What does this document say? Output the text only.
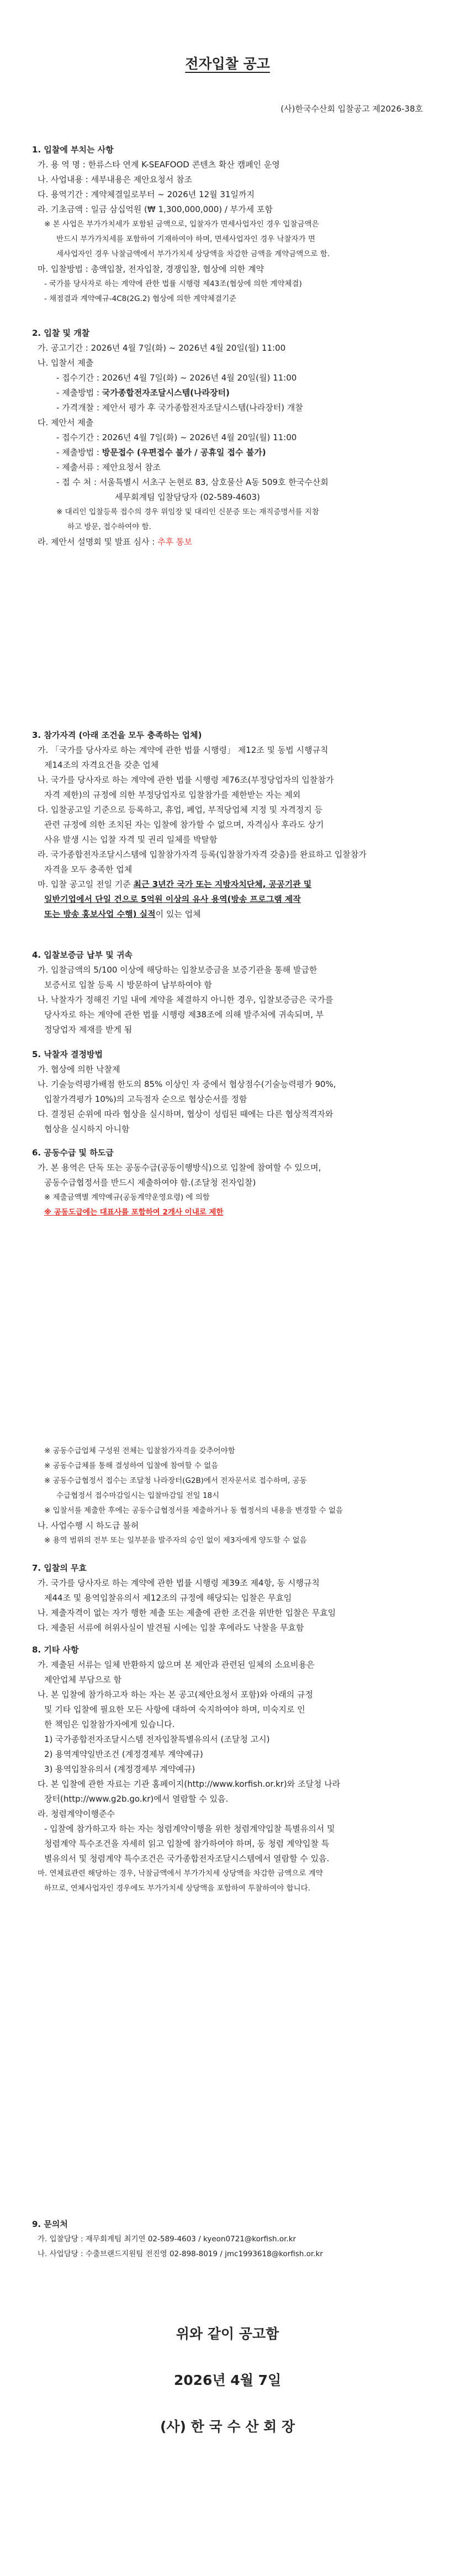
전자입찰 공고
(사)한국수산회 입찰공고 제2026-38호
1. 입찰에 부치는 사항
가. 용 역 명 : 한류스타 연계 K-SEAFOOD 콘텐츠 확산 캠페인 운영
나. 사업내용 : 세부내용은 제안요청서 참조
다. 용역기간 : 계약체결일로부터 ~ 2026년 12월 31일까지
라. 기초금액 : 일금 삼십억원 (₩ 1,300,000,000) / 부가세 포함
※ 본 사업은 부가가치세가 포함된 금액으로, 입찰자가 면세사업자인 경우 입찰금액은
반드시 부가가치세를 포함하여 기재하여야 하며, 면세사업자인 경우 낙찰자가 면
세사업자인 경우 낙찰금액에서 부가가치세 상당액을 차감한 금액을 계약금액으로 함.
마. 입찰방법 : 총액입찰, 전자입찰, 경쟁입찰, 협상에 의한 계약
- 국가를 당사자로 하는 계약에 관한 법률 시행령 제43조(협상에 의한 계약체결)
- 채점결과 계약예규-4C8(2G.2) 협상에 의한 계약체결기준
2. 입찰 및 개찰
가. 공고기간 : 2026년 4월 7일(화) ~ 2026년 4월 20일(월) 11:00
나. 입찰서 제출
- 접수기간 : 2026년 4월 7일(화) ~ 2026년 4월 20일(월) 11:00
- 제출방법 : 국가종합전자조달시스템(나라장터)
- 가격개찰 : 제안서 평가 후 국가종합전자조달시스템(나라장터) 개찰
다. 제안서 제출
- 접수기간 : 2026년 4월 7일(화) ~ 2026년 4월 20일(월) 11:00
- 제출방법 : 방문접수 (우편접수 불가 / 공휴일 접수 불가)
- 제출서류 : 제안요청서 참조
- 접 수 처 : 서울특별시 서초구 논현로 83, 삼호물산 A동 509호 한국수산회
세무회계팀 입찰담당자 (02-589-4603)
※ 대리인 입찰등록 접수의 경우 위임장 및 대리인 신분증 또는 재직증명서를 지참
하고 방문, 접수하여야 함.
라. 제안서 설명회 및 발표 심사 : 추후 통보
3. 참가자격 (아래 조건을 모두 충족하는 업체)
가. 「국가를 당사자로 하는 계약에 관한 법률 시행령」 제12조 및 동법 시행규칙
제14조의 자격요건을 갖춘 업체
나. 국가를 당사자로 하는 계약에 관한 법률 시행령 제76조(부정당업자의 입찰참가
자격 제한)의 규정에 의한 부정당업자로 입찰참가를 제한받는 자는 제외
다. 입찰공고일 기준으로 등록하고, 휴업, 폐업, 부적당업체 지정 및 자격정지 등
관련 규정에 의한 조치된 자는 입찰에 참가할 수 없으며, 자격심사 후라도 상기
사유 발생 시는 입찰 자격 및 권리 일체를 박탈함
라. 국가종합전자조달시스템에 입찰참가자격 등록(입찰참가자격 갖춤)를 완료하고 입찰참가
자격을 모두 충족한 업체
마. 입찰 공고일 전일 기준 최근 3년간 국가 또는 지방자치단체, 공공기관 및
일반기업에서 단일 건으로 5억원 이상의 유사 용역(방송 프로그램 제작
또는 방송 홍보사업 수행) 실적이 있는 업체
4. 입찰보증금 납부 및 귀속
가. 입찰금액의 5/100 이상에 해당하는 입찰보증금을 보증기관을 통해 발급한
보증서로 입찰 등록 시 방문하여 납부하여야 함
나. 낙찰자가 정해진 기일 내에 계약을 체결하지 아니한 경우, 입찰보증금은 국가를
당사자로 하는 계약에 관한 법률 시행령 제38조에 의해 발주처에 귀속되며, 부
정당업자 제재를 받게 됨
5. 낙찰자 결정방법
가. 협상에 의한 낙찰제
나. 기술능력평가배점 한도의 85% 이상인 자 중에서 협상점수(기술능력평가 90%,
입찰가격평가 10%)의 고득점자 순으로 협상순서를 정함
다. 결정된 순위에 따라 협상을 실시하며, 협상이 성립된 때에는 다른 협상적격자와
협상을 실시하지 아니함
6. 공동수급 및 하도급
가. 본 용역은 단독 또는 공동수급(공동이행방식)으로 입찰에 참여할 수 있으며,
공동수급협정서를 반드시 제출하여야 함.(조달청 전자입찰)
※ 제출금액별 계약예규(공동계약운영요령) 에 의함
※ 공동도급에는 대표사를 포함하여 2개사 이내로 제한
※ 공동수급업체 구성원 전체는 입찰참가자격을 갖추어야함
※ 공동수급체를 통해 결성하여 입찰에 참여할 수 없음
※ 공동수급협정서 접수는 조달청 나라장터(G2B)에서 전자문서로 접수하며, 공동
수급협정서 접수마감일시는 입찰마감일 전일 18시
※ 입찰서를 제출한 후에는 공동수급협정서를 제출하거나 동 협정서의 내용을 변경할 수 없음
나. 사업수행 시 하도급 불허
※ 용역 범위의 전부 또는 일부분을 발주자의 승인 없이 제3자에게 양도할 수 없음
7. 입찰의 무효
가. 국가를 당사자로 하는 계약에 관한 법률 시행령 제39조 제4항, 동 시행규칙
제44조 및 용역입찰유의서 제12조의 규정에 해당되는 입찰은 무효임
나. 제출자격이 없는 자가 행한 제출 또는 제출에 관한 조건을 위반한 입찰은 무효임
다. 제출된 서류에 허위사실이 발견될 시에는 입찰 후에라도 낙찰을 무효함
8. 기타 사항
가. 제출된 서류는 일체 반환하지 않으며 본 제안과 관련된 일체의 소요비용은
제안업체 부담으로 함
나. 본 입찰에 참가하고자 하는 자는 본 공고(제안요청서 포함)와 아래의 규정
및 기타 입찰에 필요한 모든 사항에 대하여 숙지하여야 하며, 미숙지로 인
한 책임은 입찰참가자에게 있습니다.
1) 국가종합전자조달시스템 전자입찰특별유의서 (조달청 고시)
2) 용역계약일반조건 (계정경제부 계약예규)
3) 용역입찰유의서 (계정경제부 계약예규)
다. 본 입찰에 관한 자료는 기관 홈페이지(http://www.korfish.or.kr)와 조달청 나라
장터(http://www.g2b.go.kr)에서 열람할 수 있음.
라. 청렴계약이행준수
- 입찰에 참가하고자 하는 자는 청렴계약이행을 위한 청렴계약입찰 특별유의서 및
청렴계약 특수조건을 자세히 읽고 입찰에 참가하여야 하며, 동 청렴 계약입찰 특
별유의서 및 청렴계약 특수조건은 국가종합전자조달시스템에서 열람할 수 있음.
마. 연체료관련 해당하는 경우, 낙찰금액에서 부가가치세 상당액을 차감한 금액으로 계약
하므로, 연체사업자인 경우에도 부가가치세 상당액을 포함하여 투찰하여야 합니다.
9. 문의처
가. 입찰담당 : 재무회계팀 최기연 02-589-4603 / kyeon0721@korfish.or.kr
나. 사업담당 : 수출브랜드지원팀 전진영 02-898-8019 / jmc1993618@korfish.or.kr
위와 같이 공고함
2026년 4월 7일
(사) 한 국 수 산 회 장
